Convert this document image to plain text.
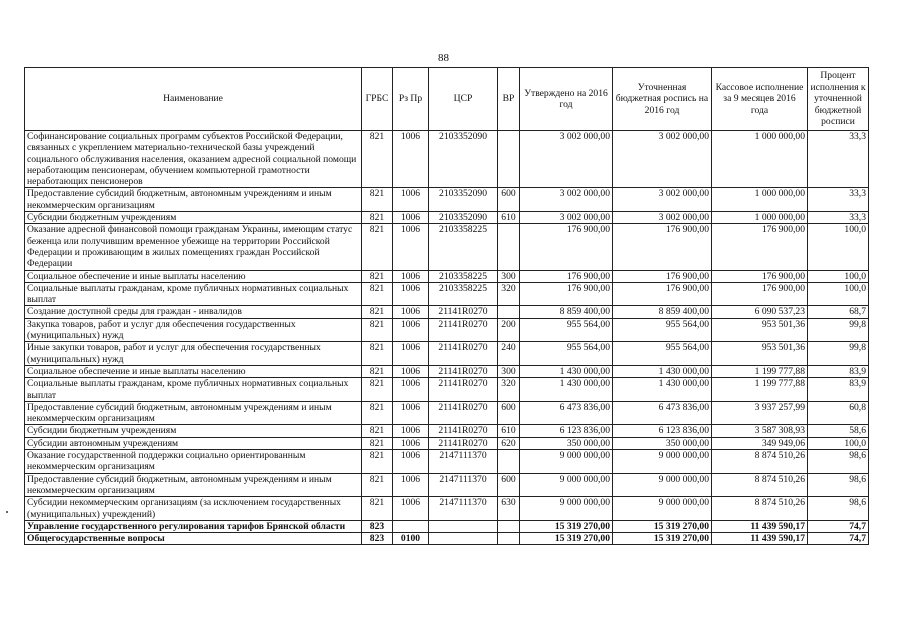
88
Наименование	ГРБС	Рз Пр	ЦСР	ВР	Утверждено на 2016 год	Уточненная бюджетная роспись на 2016 год	Кассовое исполнение за 9 месяцев 2016 года	Процент исполнения к уточненной бюджетной росписи
Софинансирование социальных программ субъектов Российской Федерации, связанных с укреплением материально-технической базы учреждений социального обслуживания населения, оказанием адресной социальной помощи неработающим пенсионерам, обучением компьютерной грамотности неработающих пенсионеров	821	1006	2103352090		3 002 000,00	3 002 000,00	1 000 000,00	33,3
Предоставление субсидий бюджетным, автономным учреждениям и иным некоммерческим организациям	821	1006	2103352090	600	3 002 000,00	3 002 000,00	1 000 000,00	33,3
Субсидии бюджетным учреждениям	821	1006	2103352090	610	3 002 000,00	3 002 000,00	1 000 000,00	33,3
Оказание адресной финансовой помощи гражданам Украины, имеющим статус беженца или получившим временное убежище на территории Российской Федерации и проживающим в жилых помещениях граждан Российской Федерации	821	1006	2103358225		176 900,00	176 900,00	176 900,00	100,0
Социальное обеспечение и иные выплаты населению	821	1006	2103358225	300	176 900,00	176 900,00	176 900,00	100,0
Социальные выплаты гражданам, кроме публичных нормативных социальных выплат	821	1006	2103358225	320	176 900,00	176 900,00	176 900,00	100,0
Создание доступной среды для граждан - инвалидов	821	1006	21141R0270		8 859 400,00	8 859 400,00	6 090 537,23	68,7
Закупка товаров, работ и услуг для обеспечения государственных (муниципальных) нужд	821	1006	21141R0270	200	955 564,00	955 564,00	953 501,36	99,8
Иные закупки товаров, работ и услуг для обеспечения государственных (муниципальных) нужд	821	1006	21141R0270	240	955 564,00	955 564,00	953 501,36	99,8
Социальное обеспечение и иные выплаты населению	821	1006	21141R0270	300	1 430 000,00	1 430 000,00	1 199 777,88	83,9
Социальные выплаты гражданам, кроме публичных нормативных социальных выплат	821	1006	21141R0270	320	1 430 000,00	1 430 000,00	1 199 777,88	83,9
Предоставление субсидий бюджетным, автономным учреждениям и иным некоммерческим организациям	821	1006	21141R0270	600	6 473 836,00	6 473 836,00	3 937 257,99	60,8
Субсидии бюджетным учреждениям	821	1006	21141R0270	610	6 123 836,00	6 123 836,00	3 587 308,93	58,6
Субсидии автономным учреждениям	821	1006	21141R0270	620	350 000,00	350 000,00	349 949,06	100,0
Оказание государственной поддержки социально ориентированным некоммерческим организациям	821	1006	2147111370		9 000 000,00	9 000 000,00	8 874 510,26	98,6
Предоставление субсидий бюджетным, автономным учреждениям и иным некоммерческим организациям	821	1006	2147111370	600	9 000 000,00	9 000 000,00	8 874 510,26	98,6
Субсидии некоммерческим организациям (за исключением государственных (муниципальных) учреждений)	821	1006	2147111370	630	9 000 000,00	9 000 000,00	8 874 510,26	98,6
Управление государственного регулирования тарифов Брянской области	823				15 319 270,00	15 319 270,00	11 439 590,17	74,7
Общегосударственные вопросы	823	0100			15 319 270,00	15 319 270,00	11 439 590,17	74,7
